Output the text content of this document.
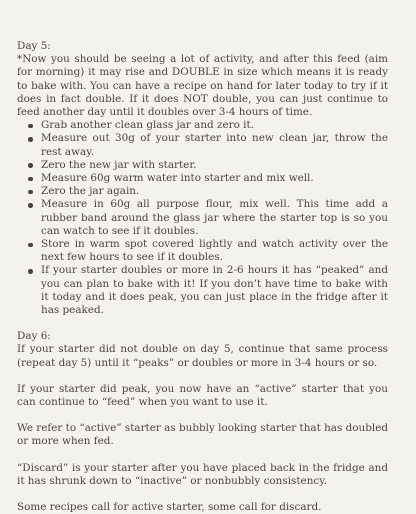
Day 5:

*Now you should be seeing a lot of activity, and after this feed (aim for morning) it may rise and DOUBLE in size which means it is ready to bake with. You can have a recipe on hand for later today to try if it does in fact double. If it does NOT double, you can just continue to feed another day until it doubles over 3-4 hours of time.

Grab another clean glass jar and zero it.
Measure out 30g of your starter into new clean jar, throw the rest away.
Zero the new jar with starter.
Measure 60g warm water into starter and mix well.
Zero the jar again.
Measure in 60g all purpose flour, mix well. This time add a rubber band around the glass jar where the starter top is so you can watch to see if it doubles.
Store in warm spot covered lightly and watch activity over the next few hours to see if it doubles.
If your starter doubles or more in 2-6 hours it has “peaked” and you can plan to bake with it! If you don’t have time to bake with it today and it does peak, you can just place in the fridge after it has peaked.

Day 6:

If your starter did not double on day 5, continue that same process (repeat day 5) until it “peaks” or doubles or more in 3-4 hours or so.

If your starter did peak, you now have an “active” starter that you can continue to “feed” when you want to use it.

We refer to “active” starter as bubbly looking starter that has doubled or more when fed.

“Discard” is your starter after you have placed back in the fridge and it has shrunk down to “inactive” or nonbubbly consistency.

Some recipes call for active starter, some call for discard.
